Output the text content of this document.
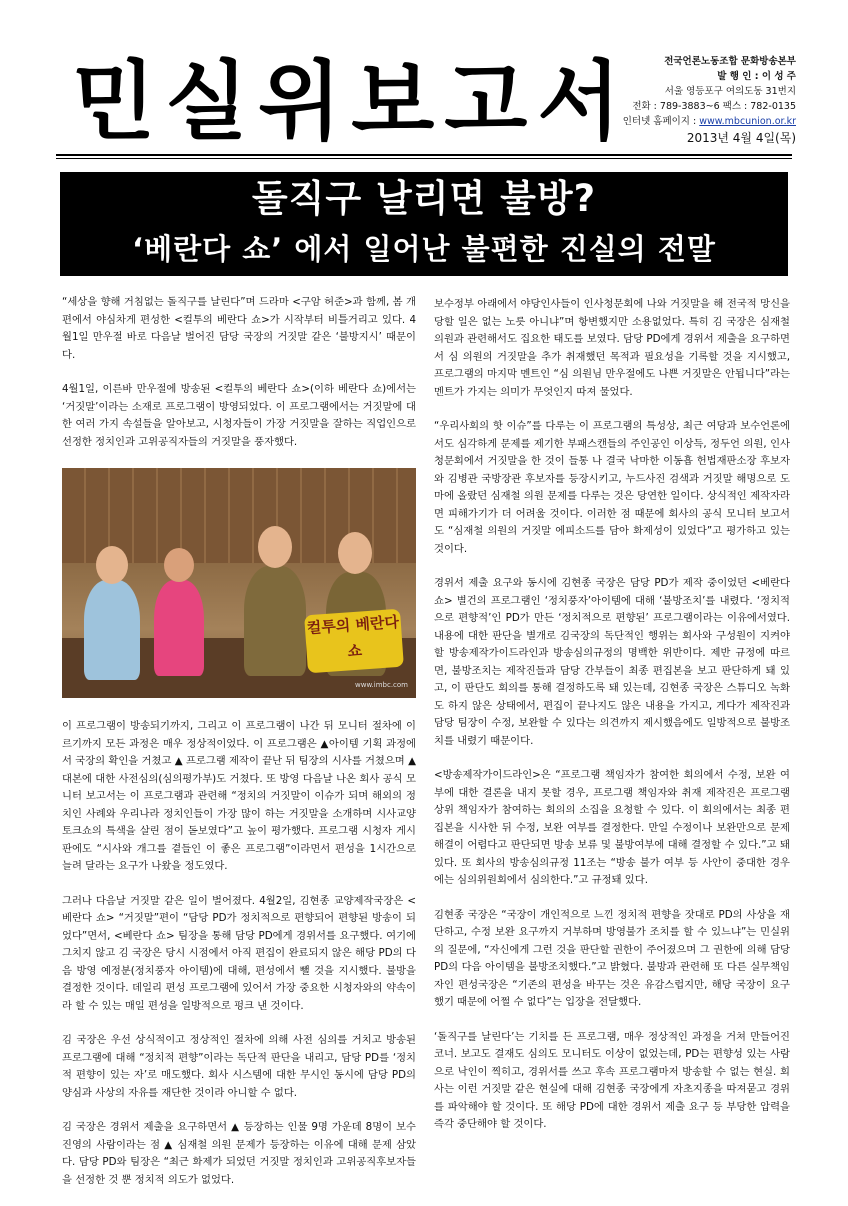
민실위보고서	전국언론노동조합 문화방송본부
발 행 인 : 이 성 주
서울 영등포구 여의도동 31번지
전화 : 789-3883~6 팩스 : 782-0135
인터넷 홈페이지 : www.mbcunion.or.kr
2013년 4월 4일(목)
돌직구 날리면 불방?
‘베란다 쇼’ 에서 일어난 불편한 진실의 전말

“세상을 향해 거침없는 돌직구를 날린다”며 드라마 <구암 허준>과 함께, 봄 개편에서 야심차게 편성한 <컬투의 베란다 쇼>가 시작부터 비틀거리고 있다. 4월1일 만우절 바로 다음날 벌어진 담당 국장의 거짓말 같은 ‘불방지시’ 때문이다.

4월1일, 이른바 만우절에 방송된 <컬투의 베란다 쇼>(이하 베란다 쇼)에서는 ‘거짓말’이라는 소재로 프로그램이 방영되었다. 이 프로그램에서는 거짓말에 대한 여러 가지 속설들을 알아보고, 시청자들이 가장 거짓말을 잘하는 직업인으로 선정한 정치인과 고위공직자들의 거짓말을 풍자했다.

컬투의 베란다쇼
www.imbc.com

이 프로그램이 방송되기까지, 그리고 이 프로그램이 나간 뒤 모니터 절차에 이르기까지 모든 과정은 매우 정상적이었다. 이 프로그램은 ▲아이템 기획 과정에서 국장의 확인을 거쳤고 ▲ 프로그램 제작이 끝난 뒤 팀장의 시사를 거쳤으며 ▲ 대본에 대한 사전심의(심의평가부)도 거쳤다. 또 방영 다음날 나온 회사 공식 모니터 보고서는 이 프로그램과 관련해 “정치의 거짓말이 이슈가 되며 해외의 정치인 사례와 우리나라 정치인들이 가장 많이 하는 거짓말을 소개하며 시사교양토크쇼의 특색을 살린 점이 돋보였다”고 높이 평가했다. 프로그램 시청자 게시판에도 “시사와 개그를 곁들인 이 좋은 프로그램”이라면서 편성을 1시간으로 늘려 달라는 요구가 나왔을 정도였다.

그러나 다음날 거짓말 같은 일이 벌어졌다. 4월2일, 김현종 교양제작국장은 <베란다 쇼> “거짓말”편이 “담당 PD가 정치적으로 편향되어 편향된 방송이 되었다”면서, <베란다 쇼> 팀장을 통해 담당 PD에게 경위서를 요구했다. 여기에 그치지 않고 김 국장은 당시 시점에서 아직 편집이 완료되지 않은 해당 PD의 다음 방영 예정분(정치풍자 아이템)에 대해, 편성에서 뺄 것을 지시했다. 불방을 결정한 것이다. 데일리 편성 프로그램에 있어서 가장 중요한 시청자와의 약속이라 할 수 있는 매일 편성을 일방적으로 펑크 낸 것이다.

김 국장은 우선 상식적이고 정상적인 절차에 의해 사전 심의를 거치고 방송된 프로그램에 대해 “정치적 편향”이라는 독단적 판단을 내리고, 담당 PD를 ‘정치적 편향이 있는 자’로 매도했다. 회사 시스템에 대한 무시인 동시에 담당 PD의 양심과 사상의 자유를 재단한 것이라 아니할 수 없다.

김 국장은 경위서 제출을 요구하면서 ▲ 등장하는 인물 9명 가운데 8명이 보수진영의 사람이라는 점 ▲ 심재철 의원 문제가 등장하는 이유에 대해 문제 삼았다. 담당 PD와 팀장은 “최근 화제가 되었던 거짓말 정치인과 고위공직후보자들을 선정한 것 뿐 정치적 의도가 없었다.

보수정부 아래에서 야당인사들이 인사청문회에 나와 거짓말을 해 전국적 망신을 당할 일은 없는 노릇 아니냐”며 항변했지만 소용없었다. 특히 김 국장은 심재철 의원과 관련해서도 집요한 태도를 보였다. 담당 PD에게 경위서 제출을 요구하면서 심 의원의 거짓말을 추가 취재했던 목적과 필요성을 기록할 것을 지시했고, 프로그램의 마지막 멘트인 “심 의원님 만우절에도 나쁜 거짓말은 안됩니다”라는 멘트가 가지는 의미가 무엇인지 따져 물었다.

“우리사회의 핫 이슈”를 다루는 이 프로그램의 특성상, 최근 여당과 보수언론에서도 심각하게 문제를 제기한 부패스캔들의 주인공인 이상득, 정두언 의원, 인사청문회에서 거짓말을 한 것이 들통 나 결국 낙마한 이동흡 헌법재판소장 후보자와 김병관 국방장관 후보자를 등장시키고, 누드사진 검색과 거짓말 해명으로 도마에 올랐던 심재철 의원 문제를 다루는 것은 당연한 일이다. 상식적인 제작자라면 피해가기가 더 어려울 것이다. 이러한 점 때문에 회사의 공식 모니터 보고서도 “심재철 의원의 거짓말 에피소드를 담아 화제성이 있었다”고 평가하고 있는 것이다.

경위서 제출 요구와 동시에 김현종 국장은 담당 PD가 제작 중이었던 <베란다 쇼> 별건의 프로그램인 ‘정치풍자’아이템에 대해 ‘불방조치’를 내렸다. ‘정치적으로 편향적’인 PD가 만든 ‘정치적으로 편향된’ 프로그램이라는 이유에서였다. 내용에 대한 판단을 별개로 김국장의 독단적인 행위는 회사와 구성원이 지켜야할 방송제작가이드라인과 방송심의규정의 명백한 위반이다. 제반 규정에 따르면, 불방조치는 제작진들과 담당 간부들이 최종 편집본을 보고 판단하게 돼 있고, 이 판단도 회의를 통해 결정하도록 돼 있는데, 김현종 국장은 스튜디오 녹화도 하지 않은 상태에서, 편집이 끝나지도 않은 내용을 가지고, 게다가 제작진과 담당 팀장이 수정, 보완할 수 있다는 의견까지 제시했음에도 일방적으로 불방조치를 내렸기 때문이다.

<방송제작가이드라인>은 “프로그램 책임자가 참여한 회의에서 수정, 보완 여부에 대한 결론을 내지 못할 경우, 프로그램 책임자와 취재 제작진은 프로그램 상위 책임자가 참여하는 회의의 소집을 요청할 수 있다. 이 회의에서는 최종 편집본을 시사한 뒤 수정, 보완 여부를 결정한다. 만일 수정이나 보완만으로 문제해결이 어렵다고 판단되면 방송 보류 및 불방여부에 대해 결정할 수 있다.”고 돼 있다. 또 회사의 방송심의규정 11조는 “방송 불가 여부 등 사안이 중대한 경우에는 심의위원회에서 심의한다.”고 규정돼 있다.

김현종 국장은 “국장이 개인적으로 느낀 정치적 편향을 잣대로 PD의 사상을 재단하고, 수정 보완 요구까지 거부하며 방영불가 조치를 할 수 있느냐”는 민실위의 질문에, “자신에게 그런 것을 판단할 권한이 주어졌으며 그 권한에 의해 담당 PD의 다음 아이템을 불방조치했다.”고 밝혔다. 불방과 관련해 또 다른 실무책임자인 편성국장은 “기존의 편성을 바꾸는 것은 유감스럽지만, 해당 국장이 요구했기 때문에 어쩔 수 없다”는 입장을 전달했다.

‘돌직구를 날린다’는 기치를 든 프로그램, 매우 정상적인 과정을 거쳐 만들어진 코너. 보고도 결재도 심의도 모니터도 이상이 없었는데, PD는 편향성 있는 사람으로 낙인이 찍히고, 경위서를 쓰고 후속 프로그램마저 방송할 수 없는 현실. 회사는 이런 거짓말 같은 현실에 대해 김현종 국장에게 자초지종을 따져묻고 경위를 파악해야 할 것이다. 또 해당 PD에 대한 경위서 제출 요구 등 부당한 압력을 즉각 중단해야 할 것이다.
